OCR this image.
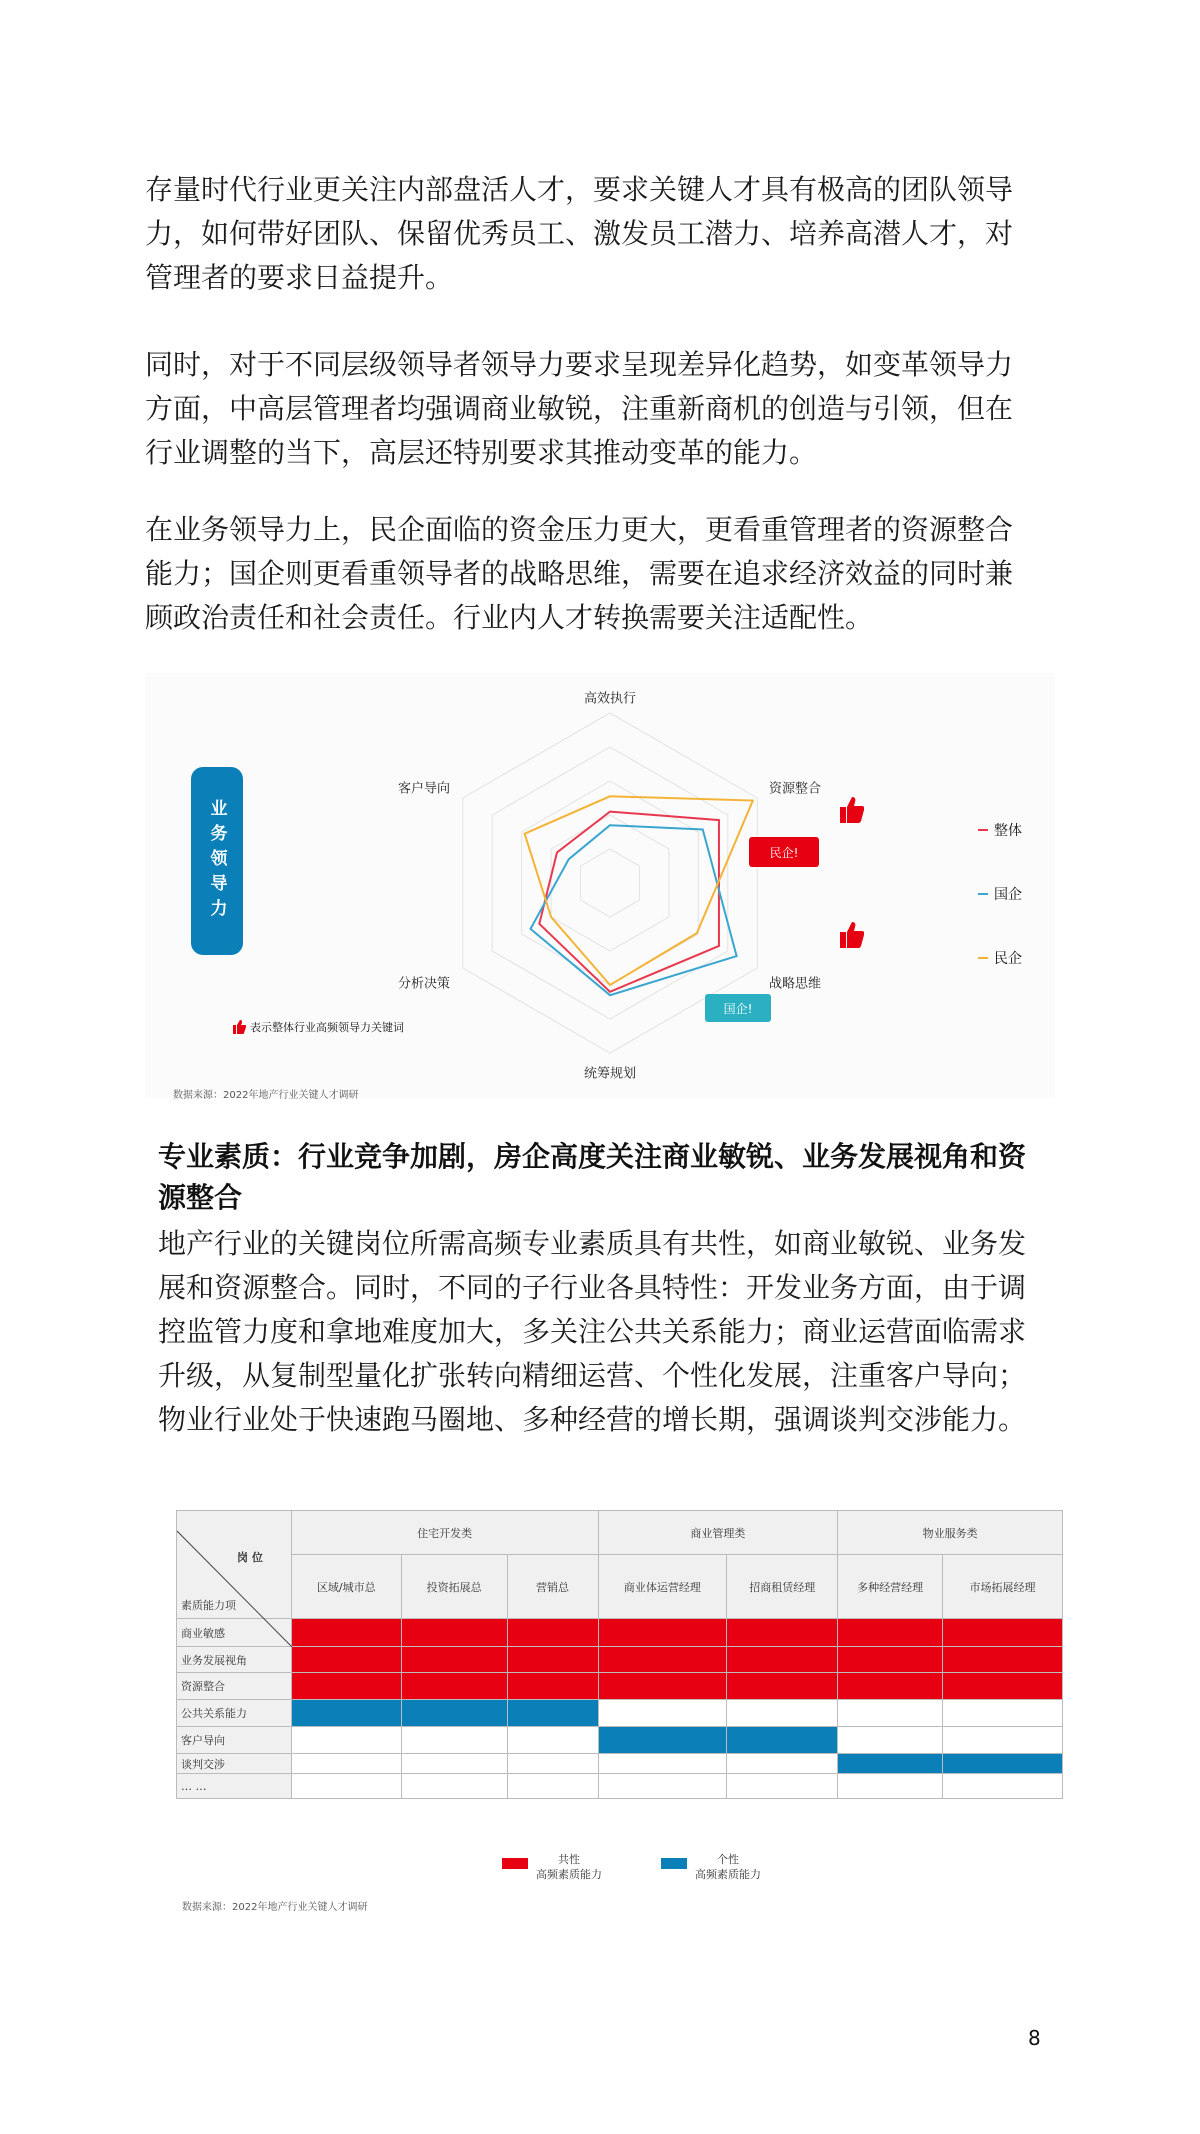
存量时代行业更关注内部盘活人才，要求关键人才具有极高的团队领导
力，如何带好团队、保留优秀员工、激发员工潜力、培养高潜人才，对
管理者的要求日益提升。
同时，对于不同层级领导者领导力要求呈现差异化趋势，如变革领导力
方面，中高层管理者均强调商业敏锐，注重新商机的创造与引领，但在
行业调整的当下，高层还特别要求其推动变革的能力。
在业务领导力上，民企面临的资金压力更大，更看重管理者的资源整合
能力；国企则更看重领导者的战略思维，需要在追求经济效益的同时兼
顾政治责任和社会责任。行业内人才转换需要关注适配性。
业务领导力
高效执行
资源整合
战略思维
统筹规划
分析决策
客户导向
民企!
国企!
整体
国企
民企
表示整体行业高频领导力关键词
数据来源：2022年地产行业关键人才调研
专业素质：行业竞争加剧，房企高度关注商业敏锐、业务发展视角和资
源整合
地产行业的关键岗位所需高频专业素质具有共性，如商业敏锐、业务发
展和资源整合。同时，不同的子行业各具特性：开发业务方面，由于调
控监管力度和拿地难度加大，多关注公共关系能力；商业运营面临需求
升级，从复制型量化扩张转向精细运营、个性化发展，注重客户导向；
物业行业处于快速跑马圈地、多种经营的增长期，强调谈判交涉能力。
岗 位
素质能力项	住宅开发类			商业管理类		物业服务类	
	区域/城市总	投资拓展总	营销总	商业体运营经理	招商租赁经理	多种经营经理	市场拓展经理
商业敏感							
业务发展视角							
资源整合							
公共关系能力							
客户导向							
谈判交涉							
… …							
共性
高频素质能力
个性
高频素质能力
数据来源：2022年地产行业关键人才调研
8
